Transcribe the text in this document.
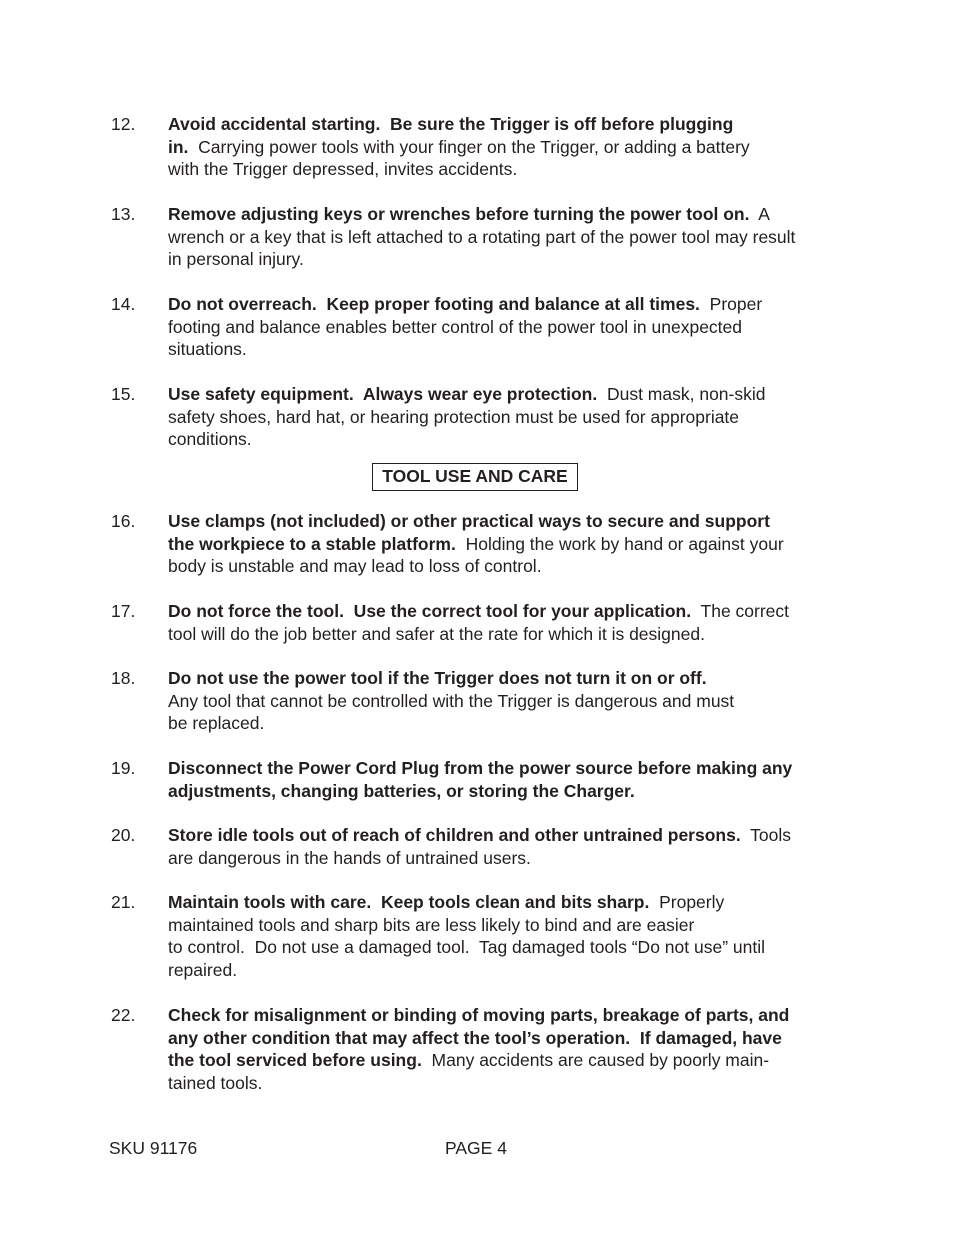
TOOL USE AND CARE
SKU 91176	PAGE 4
12. Avoid accidental starting.  Be sure the Trigger is off before plugging
in.  Carrying power tools with your finger on the Trigger, or adding a battery
with the Trigger depressed, invites accidents.
13. Remove adjusting keys or wrenches before turning the power tool on.  A
wrench or a key that is left attached to a rotating part of the power tool may result
in personal injury.
14. Do not overreach.  Keep proper footing and balance at all times.  Proper
footing and balance enables better control of the power tool in unexpected
situations.
15. Use safety equipment.  Always wear eye protection.  Dust mask, non-skid
safety shoes, hard hat, or hearing protection must be used for appropriate
conditions.
16. Use clamps (not included) or other practical ways to secure and support
the workpiece to a stable platform.  Holding the work by hand or against your
body is unstable and may lead to loss of control.
17. Do not force the tool.  Use the correct tool for your application.  The correct
tool will do the job better and safer at the rate for which it is designed.
18. Do not use the power tool if the Trigger does not turn it on or off.
Any tool that cannot be controlled with the Trigger is dangerous and must
be replaced.
19. Disconnect the Power Cord Plug from the power source before making any
adjustments, changing batteries, or storing the Charger.
20. Store idle tools out of reach of children and other untrained persons.  Tools
are dangerous in the hands of untrained users.
21. Maintain tools with care.  Keep tools clean and bits sharp.  Properly
maintained tools and sharp bits are less likely to bind and are easier
to control.  Do not use a damaged tool.  Tag damaged tools “Do not use” until
repaired.
22. Check for misalignment or binding of moving parts, breakage of parts, and
any other condition that may affect the tool’s operation.  If damaged, have
the tool serviced before using.  Many accidents are caused by poorly main-
tained tools.
